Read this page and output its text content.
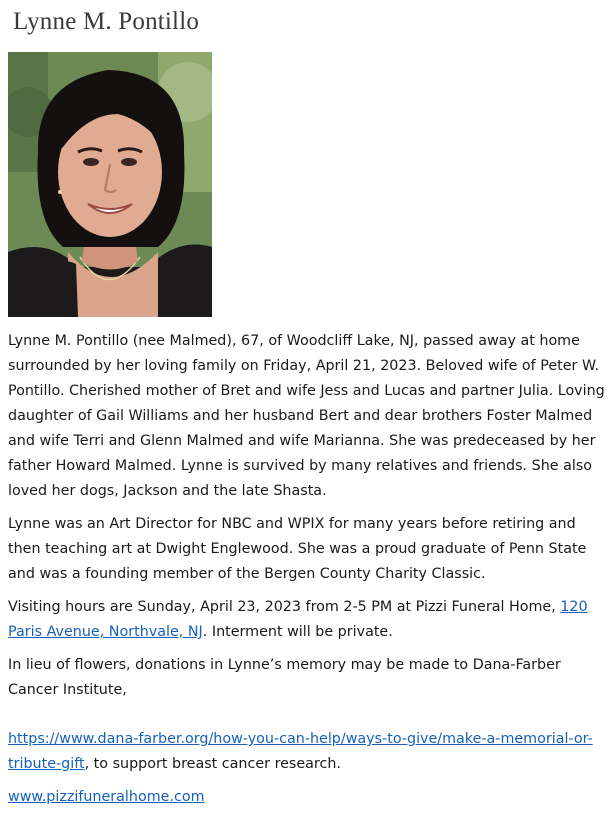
Lynne M. Pontillo

Lynne M. Pontillo (nee Malmed), 67, of Woodcliff Lake, NJ, passed away at home surrounded by her loving family on Friday, April 21, 2023. Beloved wife of Peter W. Pontillo. Cherished mother of Bret and wife Jess and Lucas and partner Julia. Loving daughter of Gail Williams and her husband Bert and dear brothers Foster Malmed and wife Terri and Glenn Malmed and wife Marianna. She was predeceased by her father Howard Malmed. Lynne is survived by many relatives and friends. She also loved her dogs, Jackson and the late Shasta.

Lynne was an Art Director for NBC and WPIX for many years before retiring and then teaching art at Dwight Englewood. She was a proud graduate of Penn State and was a founding member of the Bergen County Charity Classic.

Visiting hours are Sunday, April 23, 2023 from 2-5 PM at Pizzi Funeral Home, 120 Paris Avenue, Northvale, NJ. Interment will be private.

In lieu of flowers, donations in Lynne’s memory may be made to Dana-Farber Cancer Institute,

https://www.dana-farber.org/how-you-can-help/ways-to-give/make-a-memorial-or-tribute-gift, to support breast cancer research.

www.pizzifuneralhome.com
